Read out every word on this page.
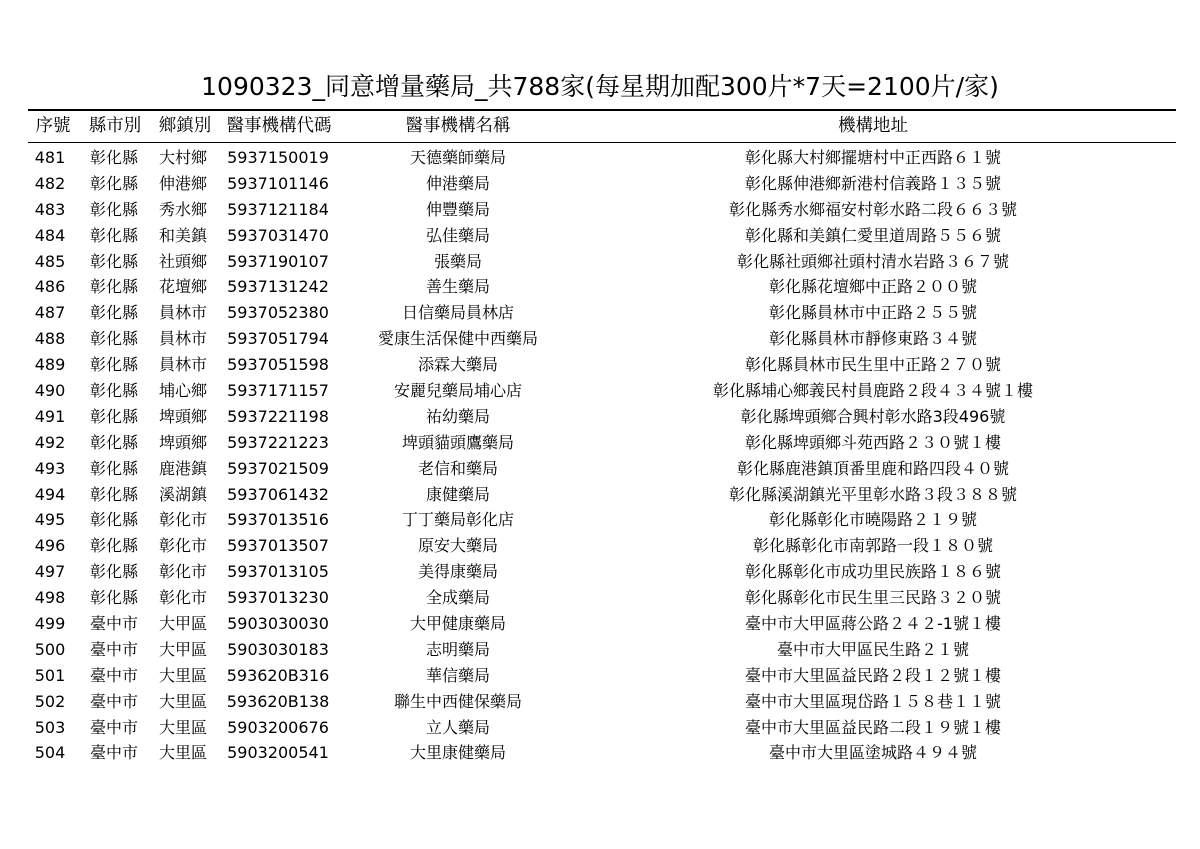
1090323_同意增量藥局_共788家(每星期加配300片*7天=2100片/家)
序號	縣市別	鄉鎮別 醫事機構代碼	醫事機構名稱	機構地址
481	彰化縣	大村鄉	5937150019	天德藥師藥局	彰化縣大村鄉擺塘村中正西路６１號
482	彰化縣	伸港鄉	5937101146	伸港藥局	彰化縣伸港鄉新港村信義路１３５號
483	彰化縣	秀水鄉	5937121184	伸豐藥局	彰化縣秀水鄉福安村彰水路二段６６３號
484	彰化縣	和美鎮	5937031470	弘佳藥局	彰化縣和美鎮仁愛里道周路５５６號
485	彰化縣	社頭鄉	5937190107	張藥局	彰化縣社頭鄉社頭村清水岩路３６７號
486	彰化縣	花壇鄉	5937131242	善生藥局	彰化縣花壇鄉中正路２００號
487	彰化縣	員林市	5937052380	日信藥局員林店	彰化縣員林市中正路２５５號
488	彰化縣	員林市	5937051794	愛康生活保健中西藥局	彰化縣員林市靜修東路３４號
489	彰化縣	員林市	5937051598	添霖大藥局	彰化縣員林市民生里中正路２７０號
490	彰化縣	埔心鄉	5937171157	安麗兒藥局埔心店	彰化縣埔心鄉義民村員鹿路２段４３４號１樓
491	彰化縣	埤頭鄉	5937221198	祐幼藥局	彰化縣埤頭鄉合興村彰水路3段496號
492	彰化縣	埤頭鄉	5937221223	埤頭貓頭鷹藥局	彰化縣埤頭鄉斗苑西路２３０號１樓
493	彰化縣	鹿港鎮	5937021509	老信和藥局	彰化縣鹿港鎮頂番里鹿和路四段４０號
494	彰化縣	溪湖鎮	5937061432	康健藥局	彰化縣溪湖鎮光平里彰水路３段３８８號
495	彰化縣	彰化市	5937013516	丁丁藥局彰化店	彰化縣彰化市曉陽路２１９號
496	彰化縣	彰化市	5937013507	原安大藥局	彰化縣彰化市南郭路一段１８０號
497	彰化縣	彰化市	5937013105	美得康藥局	彰化縣彰化市成功里民族路１８６號
498	彰化縣	彰化市	5937013230	全成藥局	彰化縣彰化市民生里三民路３２０號
499	臺中市	大甲區	5903030030	大甲健康藥局	臺中市大甲區蔣公路２４２-1號１樓
500	臺中市	大甲區	5903030183	志明藥局	臺中市大甲區民生路２１號
501	臺中市	大里區	593620B316	華信藥局	臺中市大里區益民路２段１２號１樓
502	臺中市	大里區	593620B138	聯生中西健保藥局	臺中市大里區現岱路１５８巷１１號
503	臺中市	大里區	5903200676	立人藥局	臺中市大里區益民路二段１９號１樓
504	臺中市	大里區	5903200541	大里康健藥局	臺中市大里區塗城路４９４號
